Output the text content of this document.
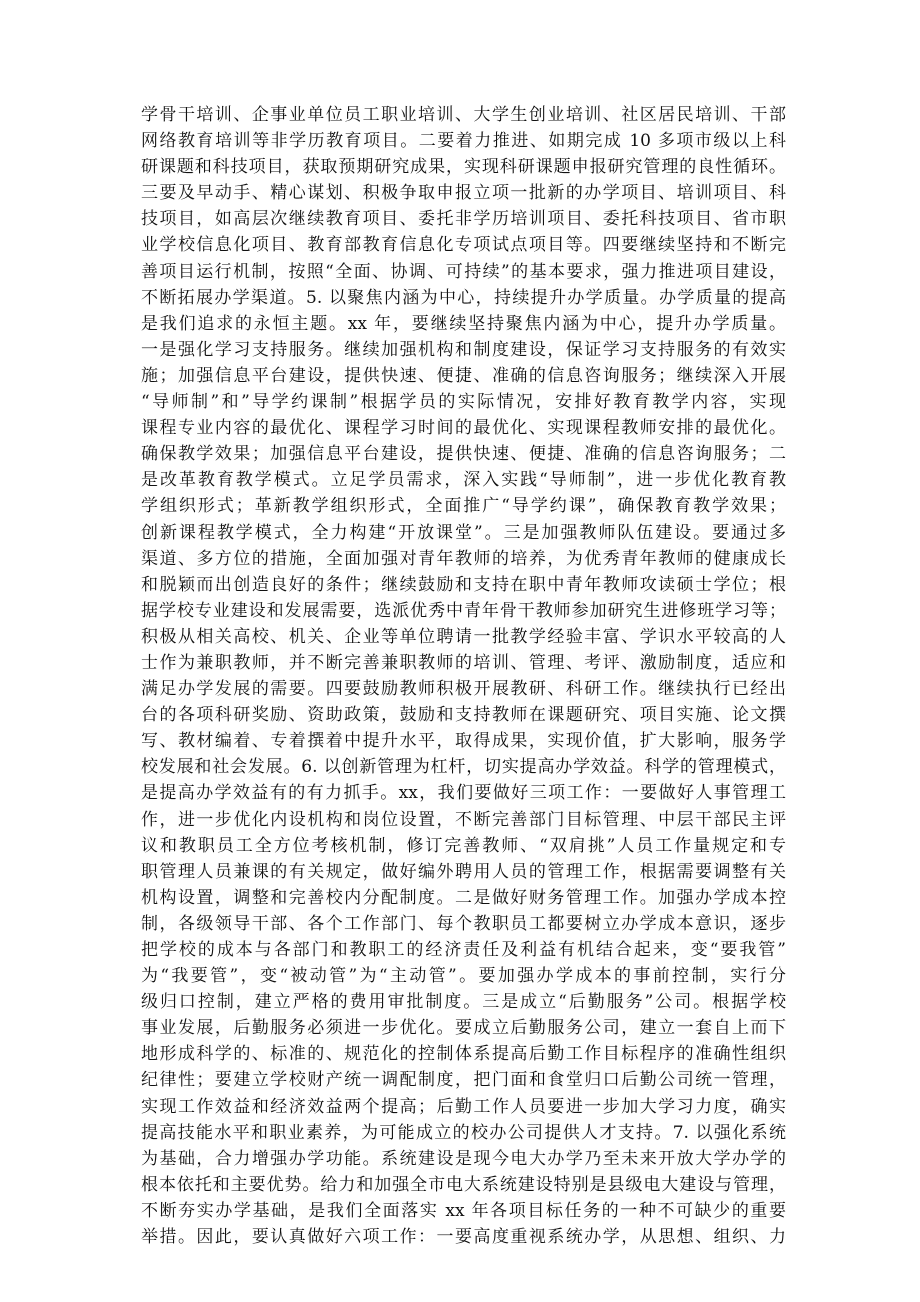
学骨干培训、企事业单位员工职业培训、大学生创业培训、社区居民培训、干部
网络教育培训等非学历教育项目。二要着力推进、如期完成 10 多项市级以上科
研课题和科技项目，获取预期研究成果，实现科研课题申报研究管理的良性循环。
三要及早动手、精心谋划、积极争取申报立项一批新的办学项目、培训项目、科
技项目，如高层次继续教育项目、委托非学历培训项目、委托科技项目、省市职
业学校信息化项目、教育部教育信息化专项试点项目等。四要继续坚持和不断完
善项目运行机制，按照“全面、协调、可持续”的基本要求，强力推进项目建设，
不断拓展办学渠道。5. 以聚焦内涵为中心，持续提升办学质量。办学质量的提高
是我们追求的永恒主题。xx 年，要继续坚持聚焦内涵为中心，提升办学质量。
一是强化学习支持服务。继续加强机构和制度建设，保证学习支持服务的有效实
施；加强信息平台建设，提供快速、便捷、准确的信息咨询服务；继续深入开展
“导师制”和”导学约课制”根据学员的实际情况，安排好教育教学内容，实现
课程专业内容的最优化、课程学习时间的最优化、实现课程教师安排的最优化。
确保教学效果；加强信息平台建设，提供快速、便捷、准确的信息咨询服务；二
是改革教育教学模式。立足学员需求，深入实践“导师制”，进一步优化教育教
学组织形式；革新教学组织形式，全面推广“导学约课”，确保教育教学效果；
创新课程教学模式，全力构建“开放课堂”。三是加强教师队伍建设。要通过多
渠道、多方位的措施，全面加强对青年教师的培养，为优秀青年教师的健康成长
和脱颖而出创造良好的条件；继续鼓励和支持在职中青年教师攻读硕士学位；根
据学校专业建设和发展需要，选派优秀中青年骨干教师参加研究生进修班学习等；
积极从相关高校、机关、企业等单位聘请一批教学经验丰富、学识水平较高的人
士作为兼职教师，并不断完善兼职教师的培训、管理、考评、激励制度，适应和
满足办学发展的需要。四要鼓励教师积极开展教研、科研工作。继续执行已经出
台的各项科研奖励、资助政策，鼓励和支持教师在课题研究、项目实施、论文撰
写、教材编着、专着撰着中提升水平，取得成果，实现价值，扩大影响，服务学
校发展和社会发展。6. 以创新管理为杠杆，切实提高办学效益。科学的管理模式，
是提高办学效益有的有力抓手。xx，我们要做好三项工作：一要做好人事管理工
作，进一步优化内设机构和岗位设置，不断完善部门目标管理、中层干部民主评
议和教职员工全方位考核机制，修订完善教师、“双肩挑”人员工作量规定和专
职管理人员兼课的有关规定，做好编外聘用人员的管理工作，根据需要调整有关
机构设置，调整和完善校内分配制度。二是做好财务管理工作。加强办学成本控
制，各级领导干部、各个工作部门、每个教职员工都要树立办学成本意识，逐步
把学校的成本与各部门和教职工的经济责任及利益有机结合起来，变“要我管”
为“我要管”，变“被动管”为“主动管”。要加强办学成本的事前控制，实行分
级归口控制，建立严格的费用审批制度。三是成立“后勤服务”公司。根据学校
事业发展，后勤服务必须进一步优化。要成立后勤服务公司，建立一套自上而下
地形成科学的、标准的、规范化的控制体系提高后勤工作目标程序的准确性组织
纪律性；要建立学校财产统一调配制度，把门面和食堂归口后勤公司统一管理，
实现工作效益和经济效益两个提高；后勤工作人员要进一步加大学习力度，确实
提高技能水平和职业素养，为可能成立的校办公司提供人才支持。7. 以强化系统
为基础，合力增强办学功能。系统建设是现今电大办学乃至未来开放大学办学的
根本依托和主要优势。给力和加强全市电大系统建设特别是县级电大建设与管理，
不断夯实办学基础，是我们全面落实 xx 年各项目标任务的一种不可缺少的重要
举措。因此，要认真做好六项工作：一要高度重视系统办学，从思想、组织、力
